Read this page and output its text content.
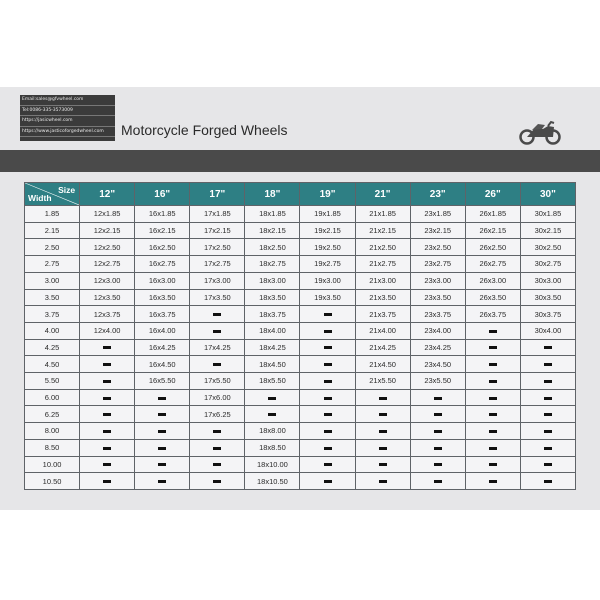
Email:sales@gfvwheel.com
Tel:0086-335-3573009
https://jasicwheel.com
https://www.jasticoforgedwheel.com	Motorcycle Forged Wheels
Size
Width	12"	16"	17"	18"	19"	21"	23"	26"	30"
1.85	12x1.85	16x1.85	17x1.85	18x1.85	19x1.85	21x1.85	23x1.85	26x1.85	30x1.85
2.15	12x2.15	16x2.15	17x2.15	18x2.15	19x2.15	21x2.15	23x2.15	26x2.15	30x2.15
2.50	12x2.50	16x2.50	17x2.50	18x2.50	19x2.50	21x2.50	23x2.50	26x2.50	30x2.50
2.75	12x2.75	16x2.75	17x2.75	18x2.75	19x2.75	21x2.75	23x2.75	26x2.75	30x2.75
3.00	12x3.00	16x3.00	17x3.00	18x3.00	19x3.00	21x3.00	23x3.00	26x3.00	30x3.00
3.50	12x3.50	16x3.50	17x3.50	18x3.50	19x3.50	21x3.50	23x3.50	26x3.50	30x3.50
3.75	12x3.75	16x3.75		18x3.75		21x3.75	23x3.75	26x3.75	30x3.75
4.00	12x4.00	16x4.00		18x4.00		21x4.00	23x4.00		30x4.00
4.25		16x4.25	17x4.25	18x4.25		21x4.25	23x4.25		
4.50		16x4.50		18x4.50		21x4.50	23x4.50		
5.50		16x5.50	17x5.50	18x5.50		21x5.50	23x5.50		
6.00			17x6.00						
6.25			17x6.25						
8.00				18x8.00					
8.50				18x8.50					
10.00				18x10.00					
10.50				18x10.50					
